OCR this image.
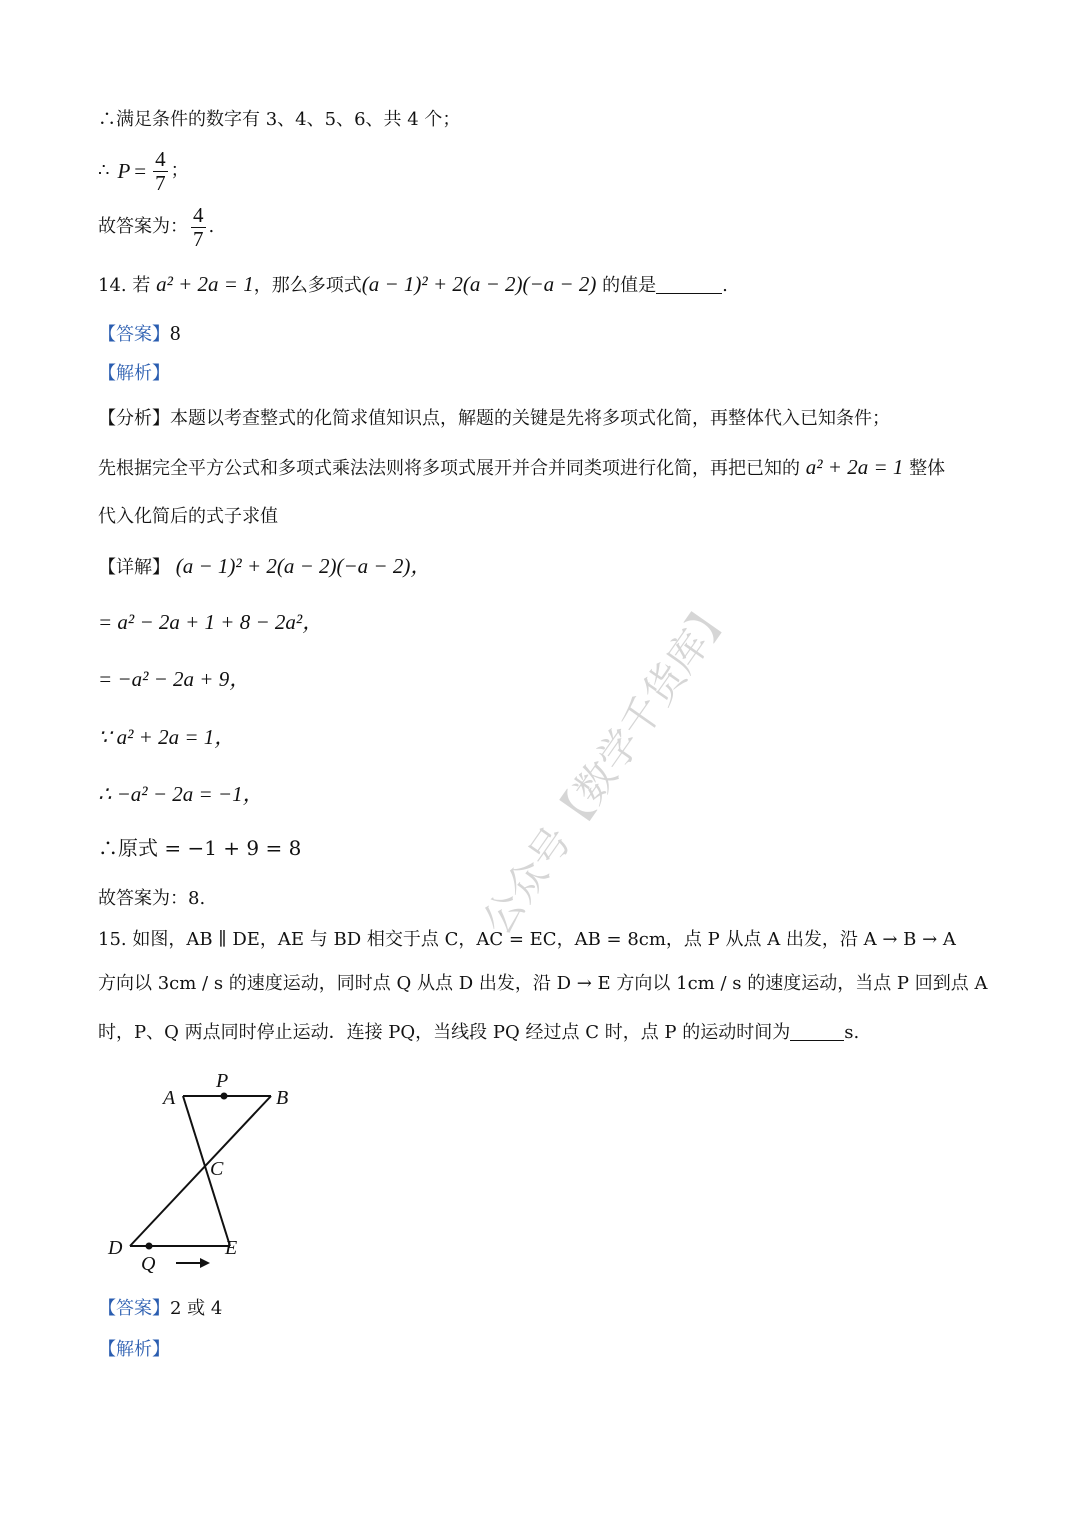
∴满足条件的数字有 3、4、5、6、共 4 个；
∴ $P = \frac{4}{7}$ ；
故答案为： $\frac{4}{7}$ .
14. 若 a² + 2a = 1，那么多项式(a − 1)² + 2(a − 2)(−a − 2) 的值是	.
【答案】8
【解析】
【分析】本题以考查整式的化简求值知识点，解题的关键是先将多项式化简，再整体代入已知条件；
先根据完全平方公式和多项式乘法法则将多项式展开并合并同类项进行化简，再把已知的 a² + 2a = 1 整体
代入化简后的式子求值
【详解】 (a − 1)² + 2(a − 2)(−a − 2)，
= a² − 2a + 1 + 8 − 2a²，
= −a² − 2a + 9，
∵ a² + 2a = 1，
∴ −a² − 2a = −1，
∴原式 = −1 + 9 = 8
故答案为：8.
15. 如图，AB ∥ DE，AE 与 BD 相交于点 C，AC = EC，AB = 8cm，点 P 从点 A 出发，沿 A → B → A
方向以 3cm / s 的速度运动，同时点 Q 从点 D 出发，沿 D → E 方向以 1cm / s 的速度运动，当点 P 回到点 A
时，P、Q 两点同时停止运动．连接 PQ，当线段 PQ 经过点 C 时，点 P 的运动时间为	s.
A
P
B
C
D
Q
E
【答案】2 或 4
【解析】
公众号【数学千货库】
